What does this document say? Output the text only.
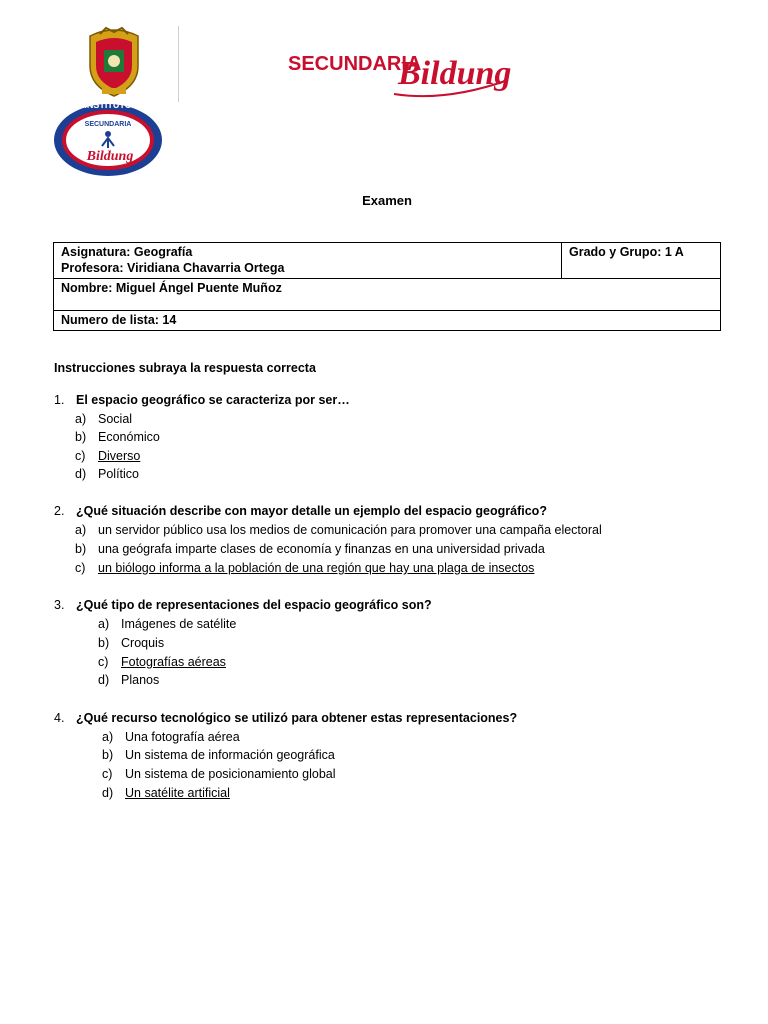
INSTITUTO
SECUNDARIA
Bildung
SECUNDARIA
Bildung
Examen
Asignatura: Geografía
Profesora: Viridiana Chavarria Ortega

Grado y Grupo: 1 A

Nombre: Miguel Ángel Puente Muñoz

Numero de lista: 14
Instrucciones subraya la respuesta correcta
1. El espacio geográfico se caracteriza por ser…
a) Social
b) Económico
c) Diverso
d) Político
2. ¿Qué situación describe con mayor detalle un ejemplo del espacio geográfico?
a) un servidor público usa los medios de comunicación para promover una campaña electoral
b) una geógrafa imparte clases de economía y finanzas en una universidad privada
c) un biólogo informa a la población de una región que hay una plaga de insectos
3. ¿Qué tipo de representaciones del espacio geográfico son?
a) Imágenes de satélite
b) Croquis
c) Fotografías aéreas
d) Planos
4. ¿Qué recurso tecnológico se utilizó para obtener estas representaciones?
a) Una fotografía aérea
b) Un sistema de información geográfica
c) Un sistema de posicionamiento global
d) Un satélite artificial
